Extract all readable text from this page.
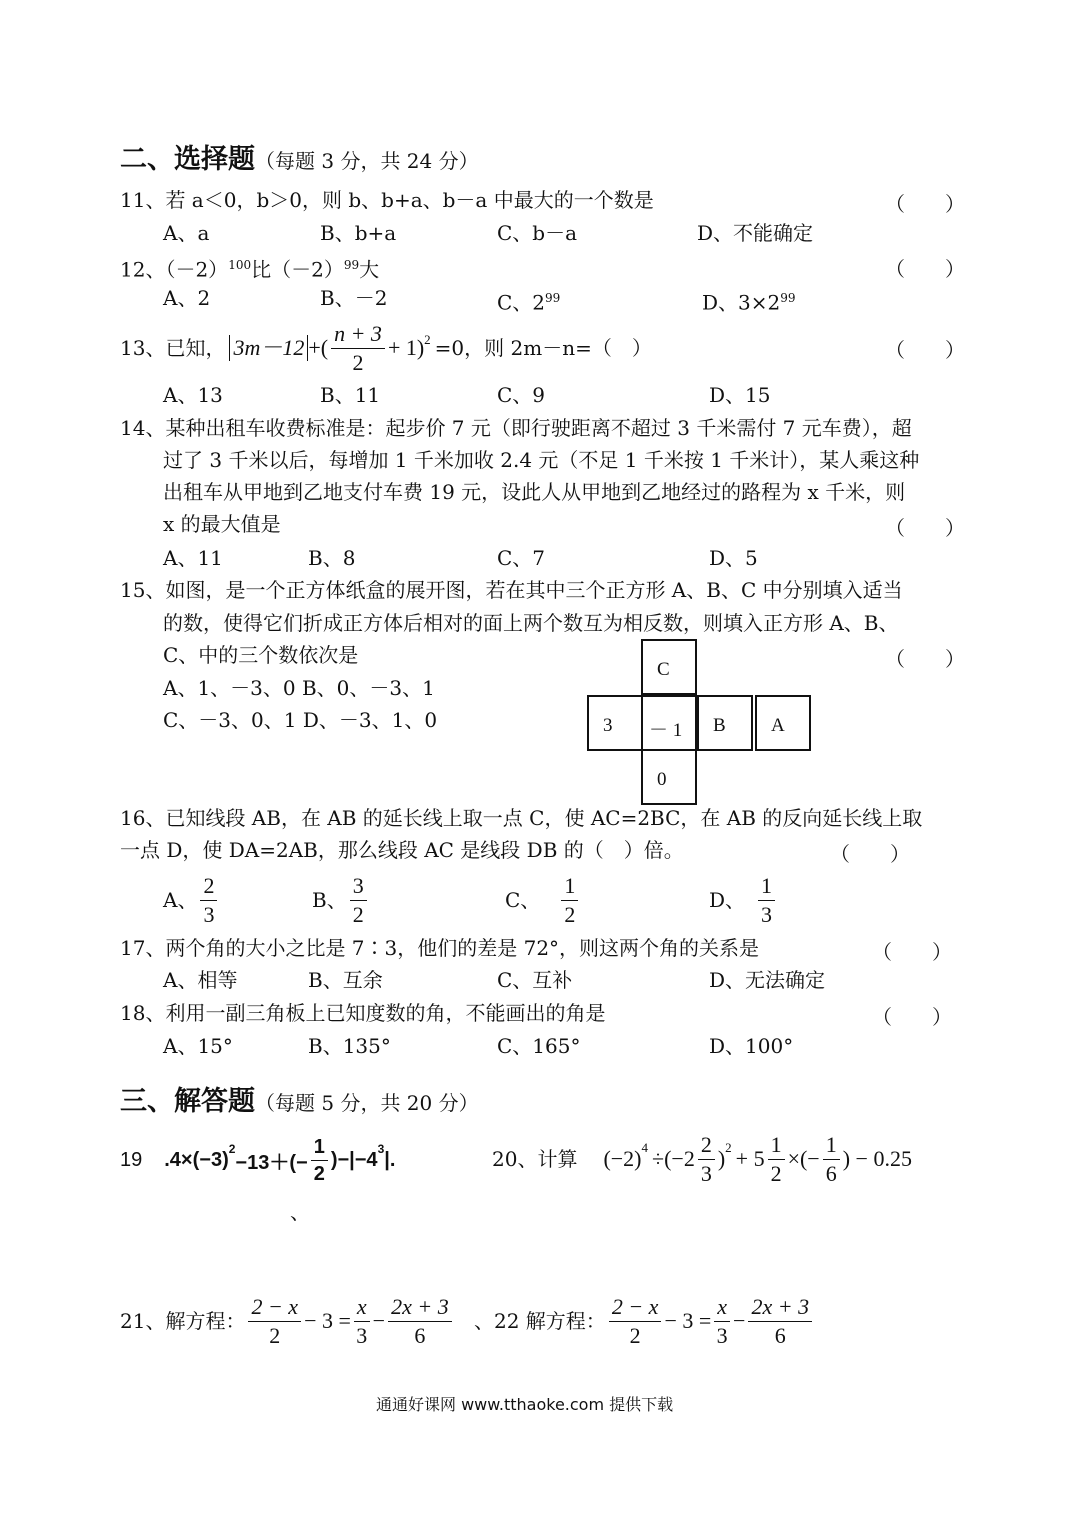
二、选择题（每题 3 分，共 24 分）
11、若 a＜0，b＞0，则 b、b+a、b－a 中最大的一个数是	（　　）
A、a	B、b+a	C、b－a	D、不能确定
12、$(-2)^{100}$比$(-2)^{99}$大	（　　）
A、2	B、－2	C、$2^{99}$	D、$3\times 2^{99}$
13、已知， 3m－12 +( $\frac{n + 3}{2} + 1)^2 =0$，则 2m－n=（　）	（　　）
A、13	B、11	C、9	D、15
14、某种出租车收费标准是：起步价 7 元（即行驶距离不超过 3 千米需付 7 元车费），超
过了 3 千米以后，每增加 1 千米加收 2.4 元（不足 1 千米按 1 千米计），某人乘这种
出租车从甲地到乙地支付车费 19 元，设此人从甲地到乙地经过的路程为 x 千米，则
x 的最大值是	（　　）
A、11	B、8	C、7	D、5
15、如图，是一个正方体纸盒的展开图，若在其中三个正方形 A、B、C 中分别填入适当
的数，使得它们折成正方体后相对的面上两个数互为相反数，则填入正方形 A、B、
C、中的三个数依次是	（　　）
A、1、－3、0 B、0、－3、1
C、－3、0、1 D、－3、1、0
C
3 － 1 B A
0
16、已知线段 AB，在 AB 的延长线上取一点 C，使 AC=2BC，在 AB 的反向延长线上取
一点 D，使 DA=2AB，那么线段 AC 是线段 DB 的（　）倍。	（　　）
A、 $\frac{2}{3}$	B、 $\frac{3}{2}$	C、 $\frac{1}{2}$	D、 $\frac{1}{3}$
17、两个角的大小之比是 7∶3，他们的差是 72°，则这两个角的关系是	（　　）
A、相等	B、互余	C、互补	D、无法确定
18、利用一副三角板上已知度数的角，不能画出的角是	（　　）
A、15°	B、135°	C、165°	D、100°
三、解答题（每题 5 分，共 20 分）
19 $.4\times(-3)^2$
$-13+(- \frac{1}{2} )-|-4^3$ |.
、
20、计算 $(-2)^4 \div(-2 \frac{2}{3} )^2 + 5 \frac{1}{2}$ ×(− $\frac{1}{6}$ ) − 0.25
21、解方程： $\frac{2 - x}{2} - 3 = \frac{x}{3} - \frac{2x + 3}{6}$ 、22 解方程： $\frac{2 - x}{2} - 3 = \frac{x}{3} - \frac{2x + 3}{6}$
通通好课网 www.tthaoke.com 提供下载
